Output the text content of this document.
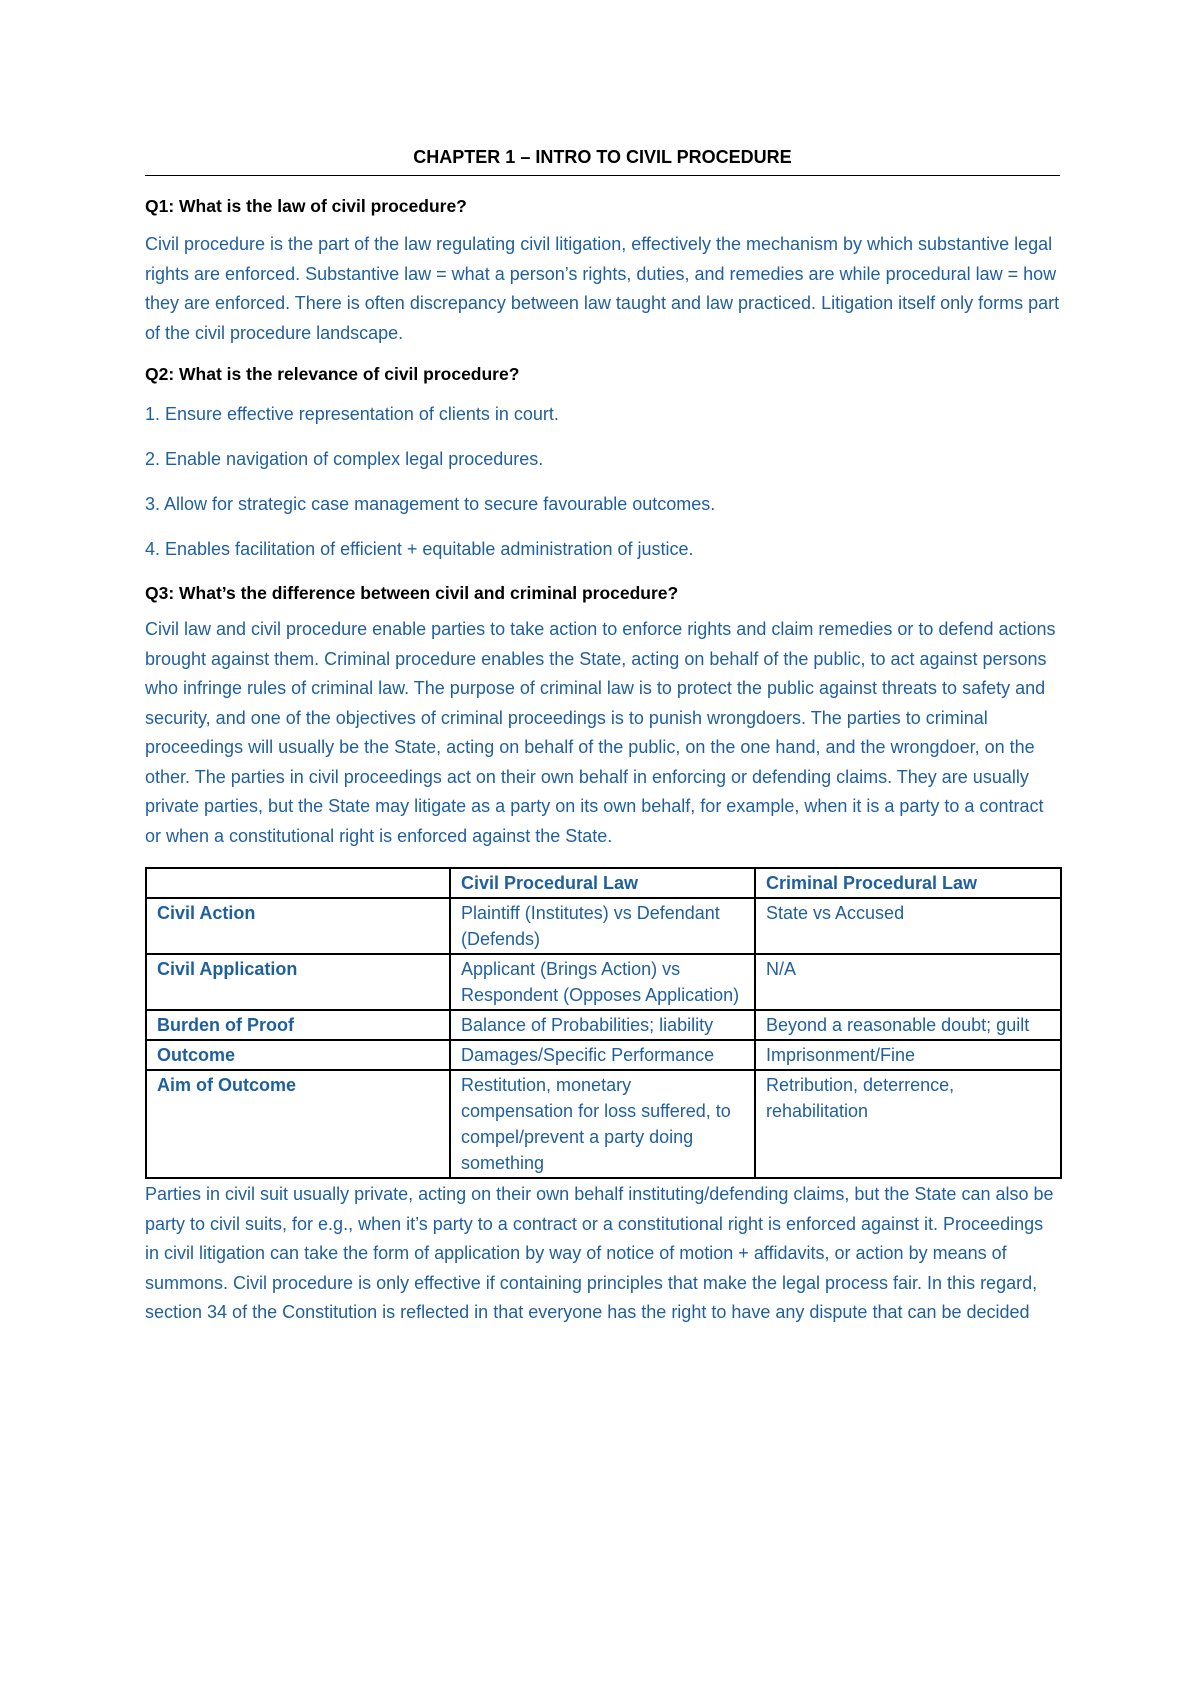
CHAPTER 1 – INTRO TO CIVIL PROCEDURE

Q1: What is the law of civil procedure?

Civil procedure is the part of the law regulating civil litigation, effectively the mechanism by which substantive legal rights are enforced. Substantive law = what a person’s rights, duties, and remedies are while procedural law = how they are enforced. There is often discrepancy between law taught and law practiced. Litigation itself only forms part of the civil procedure landscape.

Q2: What is the relevance of civil procedure?

1. Ensure effective representation of clients in court.

2. Enable navigation of complex legal procedures.

3. Allow for strategic case management to secure favourable outcomes.

4. Enables facilitation of efficient + equitable administration of justice.

Q3: What’s the difference between civil and criminal procedure?

Civil law and civil procedure enable parties to take action to enforce rights and claim remedies or to defend actions brought against them. Criminal procedure enables the State, acting on behalf of the public, to act against persons who infringe rules of criminal law. The purpose of criminal law is to protect the public against threats to safety and security, and one of the objectives of criminal proceedings is to punish wrongdoers. The parties to criminal proceedings will usually be the State, acting on behalf of the public, on the one hand, and the wrongdoer, on the other. The parties in civil proceedings act on their own behalf in enforcing or defending claims. They are usually private parties, but the State may litigate as a party on its own behalf, for example, when it is a party to a contract or when a constitutional right is enforced against the State.

	Civil Procedural Law	Criminal Procedural Law
Civil Action	Plaintiff (Institutes) vs Defendant (Defends)	State vs Accused
Civil Application	Applicant (Brings Action) vs Respondent (Opposes Application)	N/A
Burden of Proof	Balance of Probabilities; liability	Beyond a reasonable doubt; guilt
Outcome	Damages/Specific Performance	Imprisonment/Fine
Aim of Outcome	Restitution, monetary compensation for loss suffered, to compel/prevent a party doing something	Retribution, deterrence, rehabilitation

Parties in civil suit usually private, acting on their own behalf instituting/defending claims, but the State can also be party to civil suits, for e.g., when it’s party to a contract or a constitutional right is enforced against it. Proceedings in civil litigation can take the form of application by way of notice of motion + affidavits, or action by means of summons. Civil procedure is only effective if containing principles that make the legal process fair. In this regard, section 34 of the Constitution is reflected in that everyone has the right to have any dispute that can be decided
